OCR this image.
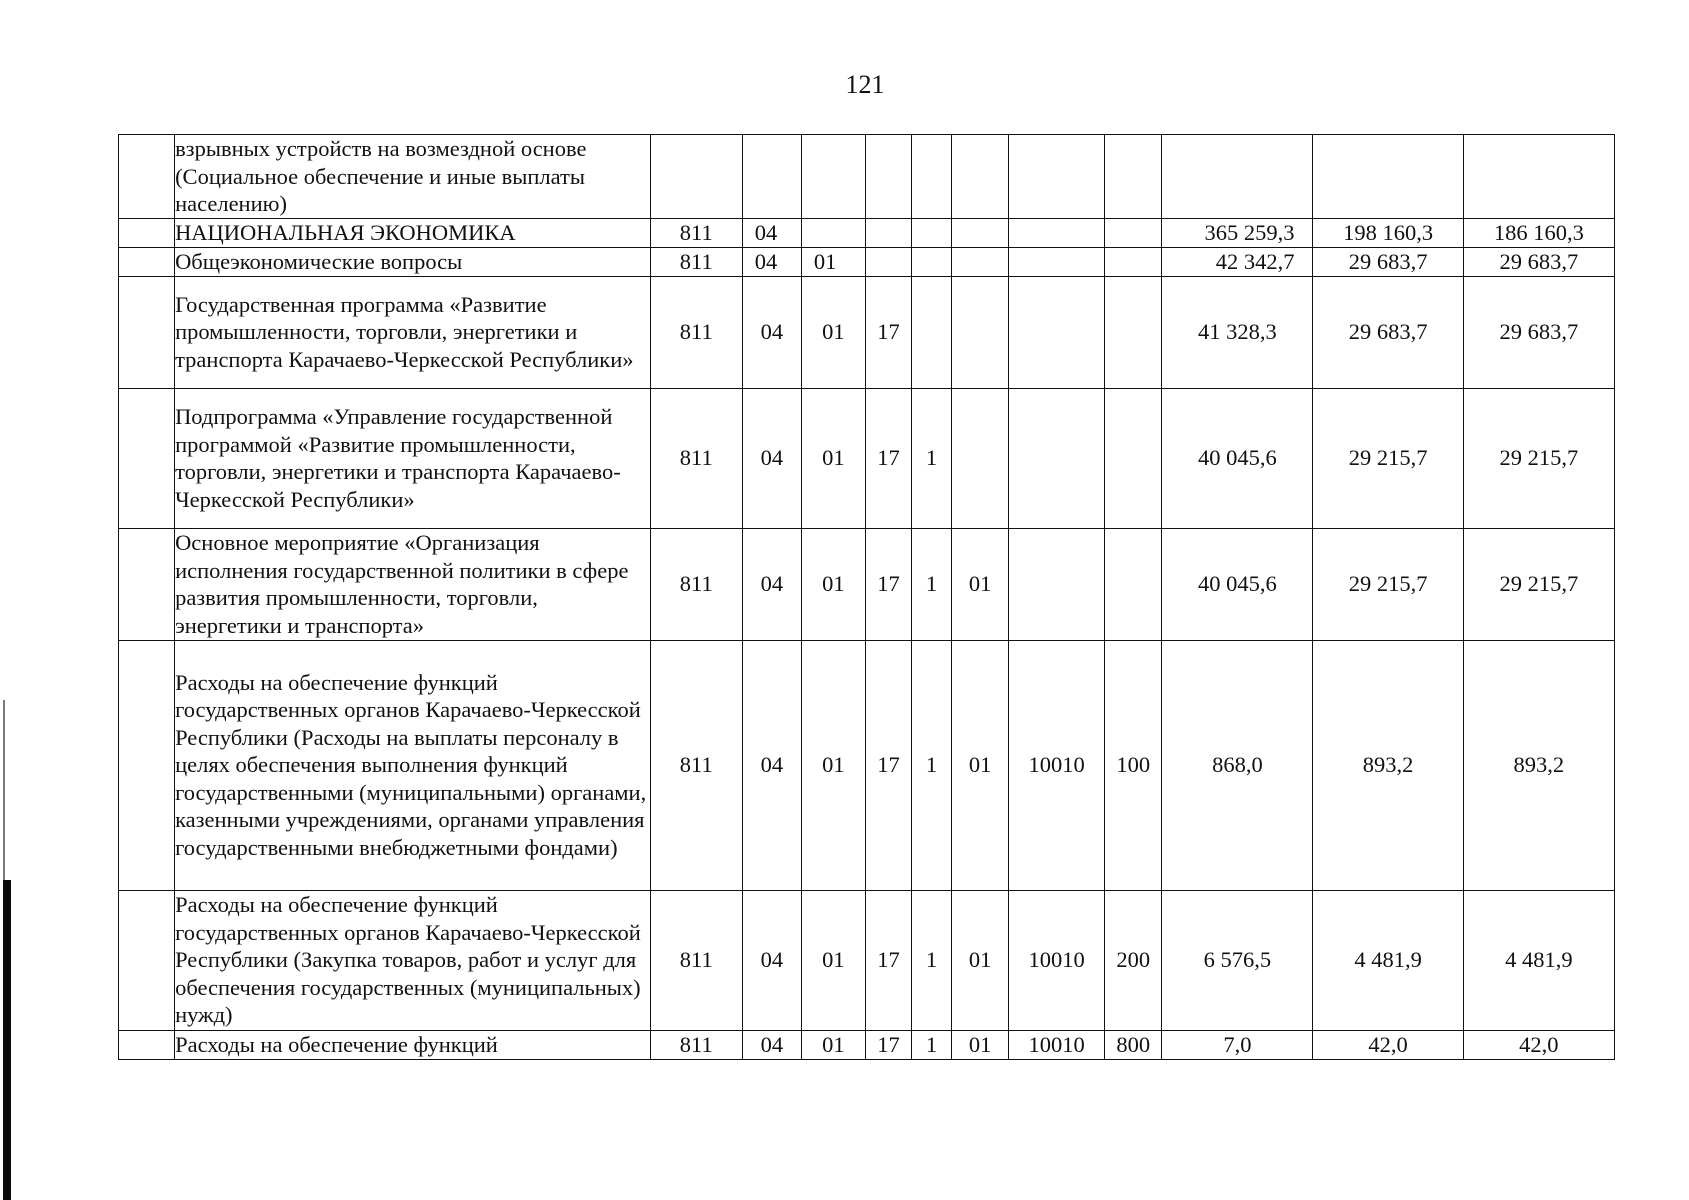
121
	взрывных устройств на возмездной основе (Социальное обеспечение и иные выплаты населению)											
	НАЦИОНАЛЬНАЯ ЭКОНОМИКА	811	04							365 259,3	198 160,3	186 160,3
	Общеэкономические вопросы	811	04	01						42 342,7	29 683,7	29 683,7
	Государственная программа «Развитие промышленности, торговли, энергетики и транспорта Карачаево-Черкесской Республики»	811	04	01	17					41 328,3	29 683,7	29 683,7
	Подпрограмма «Управление государственной программой «Развитие промышленности, торговли, энергетики и транспорта Карачаево-Черкесской Республики»	811	04	01	17	1				40 045,6	29 215,7	29 215,7
	Основное мероприятие «Организация исполнения государственной политики в сфере развития промышленности, торговли, энергетики и транспорта»	811	04	01	17	1	01			40 045,6	29 215,7	29 215,7
	Расходы на обеспечение функций государственных органов Карачаево-Черкесской Республики (Расходы на выплаты персоналу в целях обеспечения выполнения функций государственными (муниципальными) органами, казенными учреждениями, органами управления государственными внебюджетными фондами)	811	04	01	17	1	01	10010	100	868,0	893,2	893,2
	Расходы на обеспечение функций государственных органов Карачаево-Черкесской Республики (Закупка товаров, работ и услуг для обеспечения государственных (муниципальных) нужд)	811	04	01	17	1	01	10010	200	6 576,5	4 481,9	4 481,9
	Расходы на обеспечение функций	811	04	01	17	1	01	10010	800	7,0	42,0	42,0
